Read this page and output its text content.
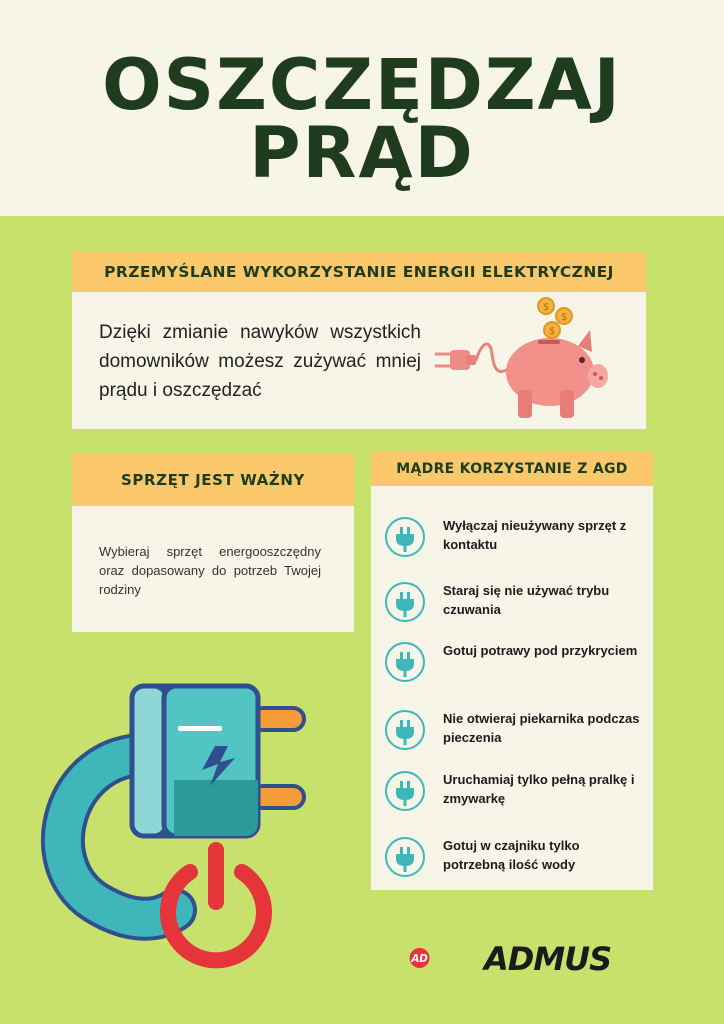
OSZCZĘDZAJ
PRĄD
PRZEMYŚLANE WYKORZYSTANIE ENERGII ELEKTRYCZNEJ
Dzięki zmianie nawyków wszystkich domowników możesz zużywać mniej prądu i oszczędzać
$
$
$
SPRZĘT JEST WAŻNY
Wybieraj sprzęt energooszczędny oraz dopasowany do potrzeb Twojej rodziny
MĄDRE KORZYSTANIE Z AGD
Wyłączaj nieużywany sprzęt z kontaktu
Staraj się nie używać trybu czuwania
Gotuj potrawy pod przykryciem
Nie otwieraj piekarnika podczas pieczenia
Uruchamiaj tylko pełną pralkę i zmywarkę
Gotuj w czajniku tylko potrzebną ilość wody
AD ADMUS
